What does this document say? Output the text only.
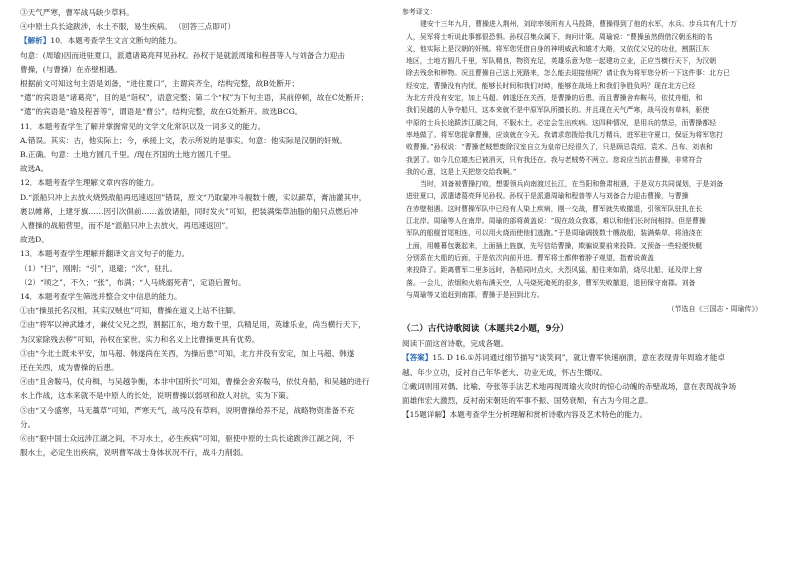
③天气严寒，曹军战马缺少草料。

④中原士兵长途跋涉，水土不服，易生疾病。 （回答三点即可）

【解析】10．本题考查学生文言文断句的能力。

句意：(周瑜)因而进驻夏口，派遣诸葛亮拜见孙权。孙权于是就派周瑜和程普等人与刘备合力迎击

曹操，(与曹操）在赤壁相遇。

根据前文可知这句主语是刘备，“进住夏口”，主谓宾齐全，结构完整，故B处断开；

“遣”的宾语是“诸葛亮”，目的是“诣权”，语意完整；第二个“权”为下句主语，其前停顿，故在C处断开；

“遣”的宾语是“瑜及程普等”，谓语是“曹公”，结构完整，故在G处断开。故选BCG。

11．本题考查学生了解并掌握常见的文学文化常识以及一词多义的能力。

A.错误。其实：古，他实际上；今，承接上文，表示所说的是事实。句意：他实际是汉朝的奸贼。

B.正确。句意：土地方圆几千里。/现在齐国的土地方圆几千里。

故选A。

12．本题考查学生理解文章内容的能力。

D.“派船只冲上去放火烧毁敌船再迅速返回”错误，原文“乃取蒙冲斗舰数十艘，实以薪草，膏油灌其中，

裹以帷幕，上建牙旗……因引次俱前……盖放诸船，同时发火”可知，把装满柴草油脂的船只点燃后冲

入曹操的战船营里，而不是“派船只冲上去放火，再迅速返回”。

故选D。

13．本题考查学生理解并翻译文言文句子的能力。

（1）“扫”，刚刚；“引”，退避；“次”，驻扎。

（2）“顷之”，不久；“张”，布满；“人马烧溺死者”，定语后置句。

14．本题考查学生筛选并整合文中信息的能力。

①由“操虽托名汉相，其实汉贼也”可知，曹操在道义上站不住脚。

②由“将军以神武雄才，兼仗父兄之烈，割据江东，地方数千里，兵精足用，英雄乐业，尚当横行天下，

为汉家除残去秽”可知，孙权在家世、实力和名义上比曹操更具有优势。

③由“今北土既未平安，加马超、韩遂尚在关西，为操后患”可知，北方并没有安定，加上马超、韩遂

还在关西，成为曹操的后患。

④由“且舍鞍马，仗舟楫，与吴越争衡，本非中国所长”可知，曹操会舍弃鞍马，依仗舟船，和吴越的进行

水上作战，这本来就不是中原人的长处，说明曹操以弱项和敌人对抗，实为下策。

⑤由“又今盛寒，马无藁草”可知，严寒天气，战马没有草料，说明曹操给养不足，战略物资准备不充

分。

⑥由“驱中国士众远涉江湖之间，不习水土，必生疾病”可知，驱使中原的士兵长途跋涉江湖之间，不

服水土，必定生出疾病，说明曹军战士身体状况不行，战斗力削弱。

参考译文：

建安十三年九月，曹操进入荆州，刘琮率领所有人马投降，曹操得到了他的水军，水兵、步兵共有几十万

人，吴军将士听说此事都很恐惧。孙权召集众属下，询问计策。周瑜说：“曹操虽然假借汉朝丞相的名

义，他实际上是汉朝的奸贼。将军您凭借自身的神明威武和雄才大略，又依仗父兄的功业，割据江东

地区，土地方圆几千里，军队精良，物资充足，英雄乐意为您一起建功立业，正应当横行天下，为汉朝

除去残余和秽物。况且曹操自己送上死路来，怎么能去迎接他呢？请让我为将军您分析一下这件事：北方已

经安定，曹操没有内忧，能够长时间和我们对峙，能够在战场上和我们争胜负吗？现在北方已经

为北方并没有安定，加上马超、韩遂还在关西，是曹操的后患，而且曹操舍弃鞍马，依仗舟船，和

我们吴越的人争夺船只，这本来就不是中原军队所擅长的。并且现在天气严寒，战马没有草料，驱使

中原的士兵长途跋涉江湖之间，不服水土，必定会生出疾病。这四种情况，是用兵的禁忌，而曹操都轻

率地做了。将军您捉拿曹操，应该就在今天。我请求您拨给我几万精兵，进军驻守夏口，保证为将军您打

败曹操。”孙权说：“曹操老贼想废除汉室自立为皇帝已经很久了，只是顾忌袁绍、袁术、吕布、刘表和

我罢了。如今几位雄杰已被消灭，只有我还在。我与老贼势不两立。您说应当抗击曹操，非常符合

我的心意，这是上天把您交给我啊。”

当时，刘备被曹操打败，想要领兵向南渡过长江，在当阳和鲁肃相遇，于是双方共同谋划，于是刘备

进驻夏口，派遣诸葛亮拜见孙权。孙权于是派遣周瑜和程普等人与刘备合力迎击曹操，与曹操

在赤壁相遇。这时曹操军队中已经有人染上疾病，刚一交战，曹军就失败撤退，引领军队驻扎在长

江北岸。周瑜等人在南岸。周瑜的部将黄盖说：“现在敌众我寡，难以和他们长时间相持。但是曹操

军队的船舰首尾相连，可以用火烧而使他们逃跑。”于是周瑜调拨数十艘战船，装满柴草，将油浇在

上面，用帷幕包裹起来，上面插上旌旗，先写信给曹操，欺骗说要前来投降。又预备一些轻便快艇

分别系在大船的后面，于是依次向前开进。曹军将士都伸着脖子观望，指着说黄盖

来投降了。距离曹军二里多远时，各船同时点火，火烈风猛，船往来如箭，烧尽北船，延及岸上营

落。一会儿，浓烟和火焰布满天空，人马烧死淹死的很多，曹军失败撤退，退回保守南郡。刘备

与周瑜等又追赶到南郡，曹操于是回到北方。

（节选自《三国志・周瑜传》）

（二）古代诗歌阅读（本题共2小题，9分）

阅读下面这首诗歌，完成各题。

【答案】15. D 16.①苏词通过细节描写“谈笑间”，就让曹军快速崩溃，意在表现青年周瑜才能卓

越、年少立功，反衬自己年华老大、功业无成，怀古生慨叹。

②戴词则用对偶、比喻、夸张等手法艺术地再现周瑜火攻时的惊心动魄的赤壁战场，意在表现战争场

面雄伟宏大激烈，反衬南宋朝廷的军事不振、国势衰颓，有古为今用之意。

【15题详解】本题考查学生分析理解和赏析诗歌内容及艺术特色的能力。
